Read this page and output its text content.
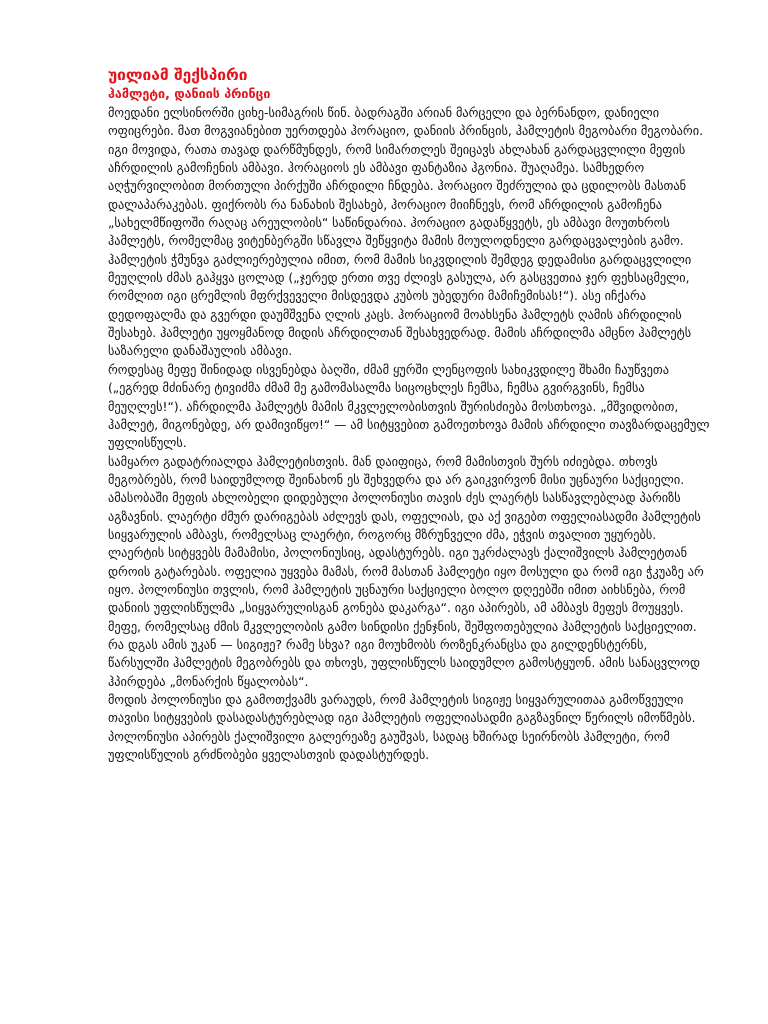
უილიამ შექსპირი
ჰამლეტი, დანიის პრინცი

მოედანი ელსინორში ციხე-სიმაგრის წინ. ბადრაგში არიან მარცელი და ბერნანდო, დანიელი ოფიცრები. მათ მოგვიანებით უერთდება ჰორაციო, დანიის პრინცის, ჰამლეტის მეგობარი მეგობარი. იგი მოვიდა, რათა თავად დარწმუნდეს, რომ სიმართლეს შეიცავს ახლახან გარდაცვლილი მეფის აჩრდილის გამოჩენის ამბავი. ჰორაციოს ეს ამბავი ფანტაზია ჰგონია. შუაღამეა. სამხედრო აღჭურვილობით მორთული პირქუში აჩრდილი ჩნდება. ჰორაციო შეძრულია და ცდილობს მასთან დალაპარაკებას. ფიქრობს რა ნანახის შესახებ, ჰორაციო მიიჩნევს, რომ აჩრდილის გამოჩენა „სახელმწიფოში რაღაც არეულობის“ საწინდარია. ჰორაციო გადაწყვეტს, ეს ამბავი მოუთხროს ჰამლეტს, რომელმაც ვიტენბერგში სწავლა შეწყვიტა მამის მოულოდნელი გარდაცვალების გამო. ჰამლეტის ჭმუნვა გაძლიერებულია იმით, რომ მამის სიკვდილის შემდეგ დედამისი გარდაცვლილი მეუღლის ძმას გაჰყვა ცოლად („ჯერედ ერთი თვე ძლივს გასულა, არ გასცვეთია ჯერ ფეხსაცმელი, რომლით იგი ცრემლის მფრქვეველი მისდევდა კუბოს უბედური მამიჩემისას!“). ასე იჩქარა დედოფალმა და გვერდი დაუმშვენა ღლის კაცს. ჰორაციომ მოახსენა ჰამლეტს ღამის აჩრდილის შესახებ. ჰამლეტი უყოყმანოდ მიდის აჩრდილთან შესახვედრად. მამის აჩრდილმა ამცნო ჰამლეტს საზარელი დანაშაულის ამბავი.

როდესაც მეფე შინიდად ისვენებდა ბაღში, ძმამ ყურში ლენცოფის სახიკვდილე შხამი ჩაუწვეთა („ეგრედ მძინარე ტივიძმა ძმამ მე გამომასალმა სიცოცხლეს ჩემსა, ჩემსა გვირგვინს, ჩემსა მეუღლეს!“). აჩრდილმა ჰამლეტს მამის მკვლელობისთვის შურისძიება მოსთხოვა. „მშვიდობით, ჰამლეტ, მიგონებდე, არ დამივიწყო!“ — ამ სიტყვებით გამოეთხოვა მამის აჩრდილი თავზარდაცემულ უფლისწულს.

სამყარო გადატრიალდა ჰამლეტისთვის. მან დაიფიცა, რომ მამისთვის შურს იძიებდა. თხოვს მეგობრებს, რომ საიდუმლოდ შეინახონ ეს შეხვედრა და არ გაიკვირვონ მისი უცნაური საქციელი. ამასობაში მეფის ახლობელი დიდებული პოლონიუსი თავის ძეს ლაერტს სასწავლებლად პარიზს აგზავნის. ლაერტი ძმურ დარიგებას აძლევს დას, ოფელიას, და აქ ვიგებთ ოფელიასადმი ჰამლეტის სიყვარულის ამბავს, რომელსაც ლაერტი, როგორც მზრუნველი ძმა, ეჭვის თვალით უყურებს.

ლაერტის სიტყვებს მამამისი, პოლონიუსიც, ადასტურებს. იგი უკრძალავს ქალიშვილს ჰამლეტთან დროის გატარებას. ოფელია უყვება მამას, რომ მასთან ჰამლეტი იყო მოსული და რომ იგი ჭკუაზე არ იყო. პოლონიუსი თვლის, რომ ჰამლეტის უცნაური საქციელი ბოლო დღეებში იმით აიხსნება, რომ დანიის უფლისწულმა „სიყვარულისგან გონება დაკარგა“. იგი აპირებს, ამ ამბავს მეფეს მოუყვეს. მეფე, რომელსაც ძმის მკვლელობის გამო სინდისი ქენჯნის, შეშფოთებულია ჰამლეტის საქციელით. რა დგას ამის უკან — სიგიჟე? რამე სხვა? იგი მოუხმობს როზენკრანცსა და გილდენსტერნს, წარსულში ჰამლეტის მეგობრებს და თხოვს, უფლისწულს საიდუმლო გამოსტყუონ. ამის სანაცვლოდ ჰპირდება „მონარქის წყალობას“.

მოდის პოლონიუსი და გამოთქვამს ვარაუდს, რომ ჰამლეტის სიგიჟე სიყვარულითაა გამოწვეული თავისი სიტყვების დასადასტურებლად იგი ჰამლეტის ოფელიასადმი გაგზავნილ წერილს იმოწმებს. პოლონიუსი აპირებს ქალიშვილი გალერეაზე გაუშვას, სადაც ხშირად სეირნობს ჰამლეტი, რომ უფლისწულის გრძნობები ყველასთვის დადასტურდეს.
